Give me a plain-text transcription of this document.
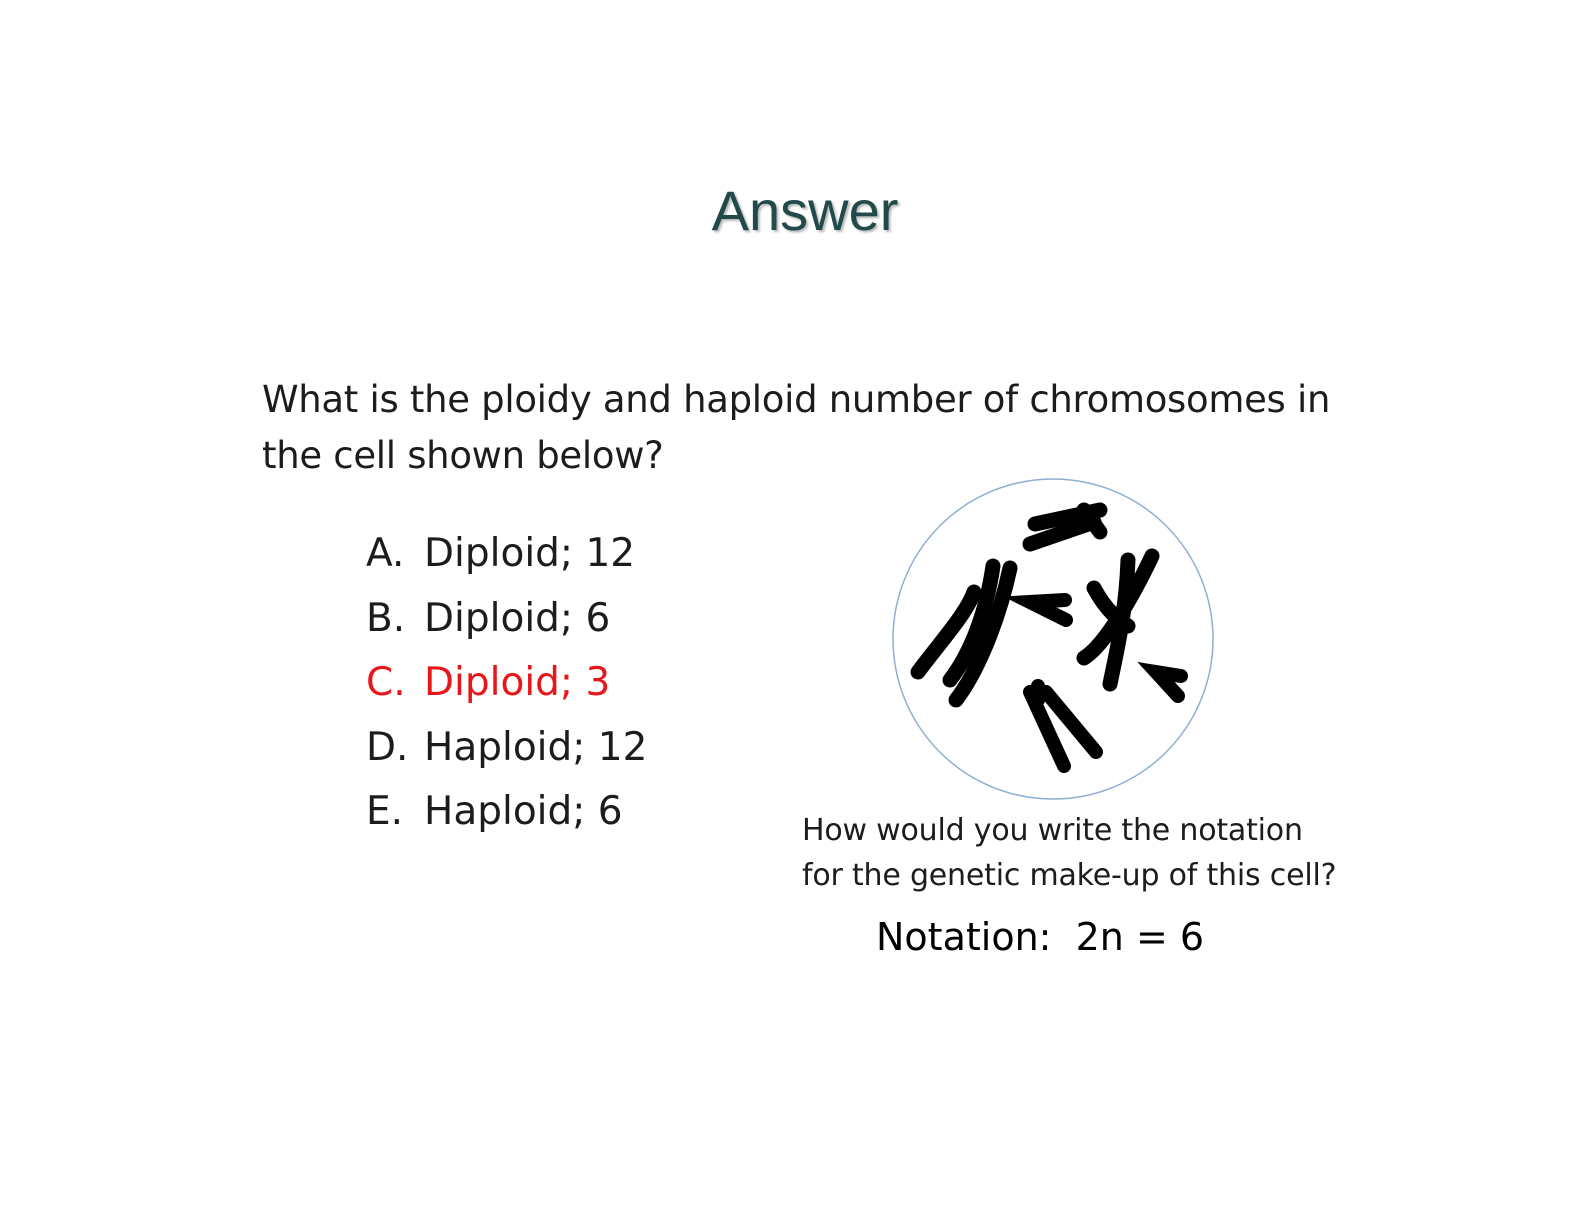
Answer
What is the ploidy and haploid number of chromosomes in the cell shown below?
A. Diploid; 12
B. Diploid; 6
C. Diploid; 3
D. Haploid; 12
E. Haploid; 6	How would you write the notation
for the genetic make-up of this cell?
Notation:  2n = 6
